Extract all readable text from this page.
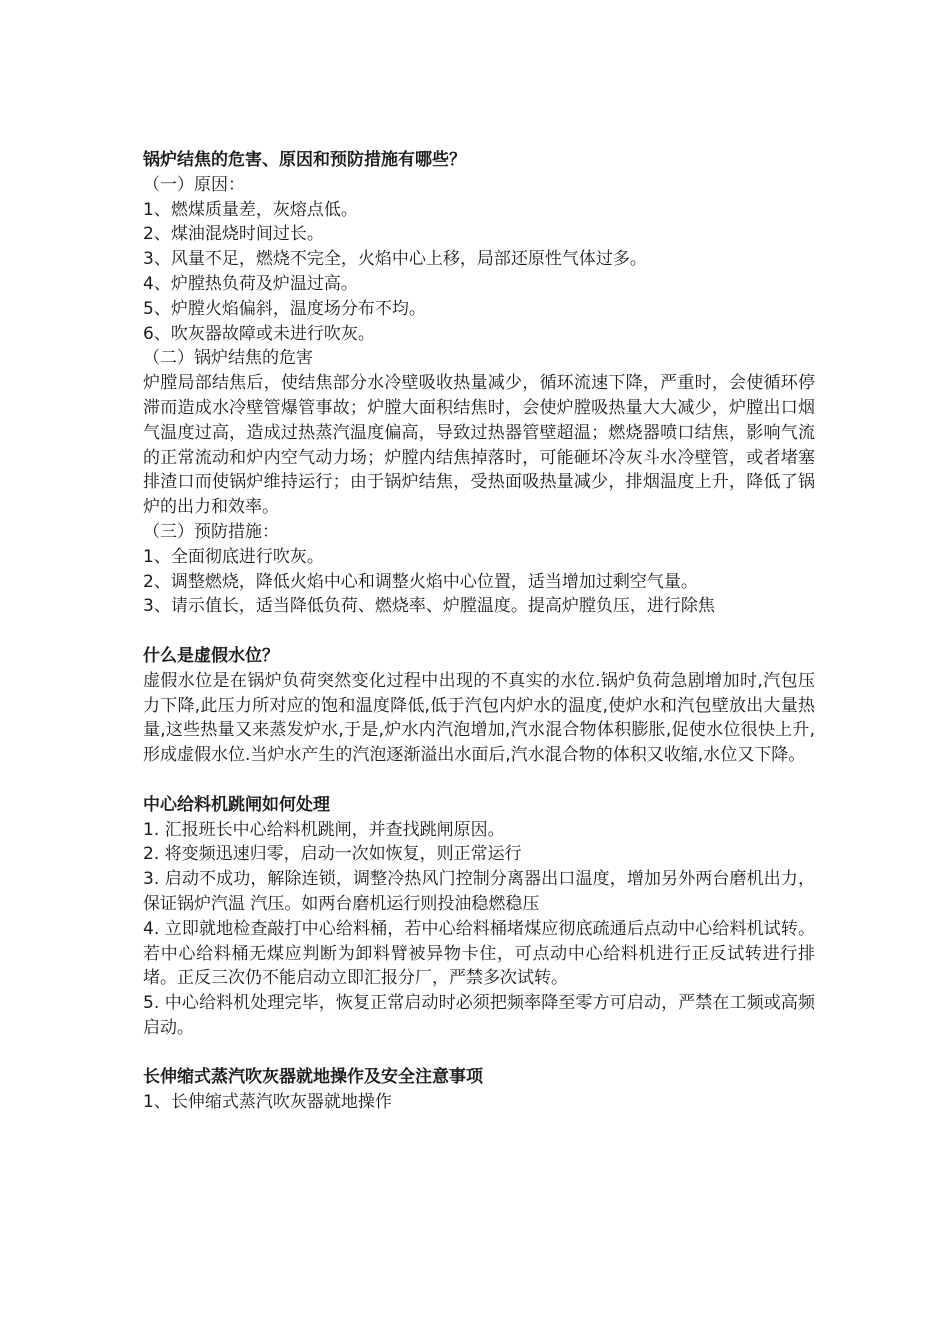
锅炉结焦的危害、原因和预防措施有哪些？

（一）原因：

1、燃煤质量差，灰熔点低。

2、煤油混烧时间过长。

3、风量不足，燃烧不完全，火焰中心上移，局部还原性气体过多。

4、炉膛热负荷及炉温过高。

5、炉膛火焰偏斜，温度场分布不均。

6、吹灰器故障或未进行吹灰。

（二）锅炉结焦的危害

炉膛局部结焦后，使结焦部分水冷壁吸收热量减少，循环流速下降，严重时，会使循环停滞而造成水冷壁管爆管事故；炉膛大面积结焦时，会使炉膛吸热量大大减少，炉膛出口烟气温度过高，造成过热蒸汽温度偏高，导致过热器管壁超温；燃烧器喷口结焦，影响气流的正常流动和炉内空气动力场；炉膛内结焦掉落时，可能砸坏冷灰斗水冷壁管，或者堵塞排渣口而使锅炉维持运行；由于锅炉结焦，受热面吸热量减少，排烟温度上升，降低了锅炉的出力和效率。

（三）预防措施：

1、全面彻底进行吹灰。

2、调整燃烧，降低火焰中心和调整火焰中心位置，适当增加过剩空气量。

3、请示值长，适当降低负荷、燃烧率、炉膛温度。提高炉膛负压，进行除焦

什么是虚假水位？

虚假水位是在锅炉负荷突然变化过程中出现的不真实的水位.锅炉负荷急剧增加时,汽包压力下降,此压力所对应的饱和温度降低,低于汽包内炉水的温度,使炉水和汽包壁放出大量热量,这些热量又来蒸发炉水,于是,炉水内汽泡增加,汽水混合物体积膨胀,促使水位很快上升,形成虚假水位.当炉水产生的汽泡逐渐溢出水面后,汽水混合物的体积又收缩,水位又下降。

中心给料机跳闸如何处理

1. 汇报班长中心给料机跳闸，并查找跳闸原因。

2. 将变频迅速归零，启动一次如恢复，则正常运行

3. 启动不成功，解除连锁，调整冷热风门控制分离器出口温度，增加另外两台磨机出力，保证锅炉汽温 汽压。如两台磨机运行则投油稳燃稳压

4. 立即就地检查敲打中心给料桶，若中心给料桶堵煤应彻底疏通后点动中心给料机试转。若中心给料桶无煤应判断为卸料臂被异物卡住，可点动中心给料机进行正反试转进行排堵。正反三次仍不能启动立即汇报分厂，严禁多次试转。

5. 中心给料机处理完毕，恢复正常启动时必须把频率降至零方可启动，严禁在工频或高频启动。

长伸缩式蒸汽吹灰器就地操作及安全注意事项

1、长伸缩式蒸汽吹灰器就地操作
